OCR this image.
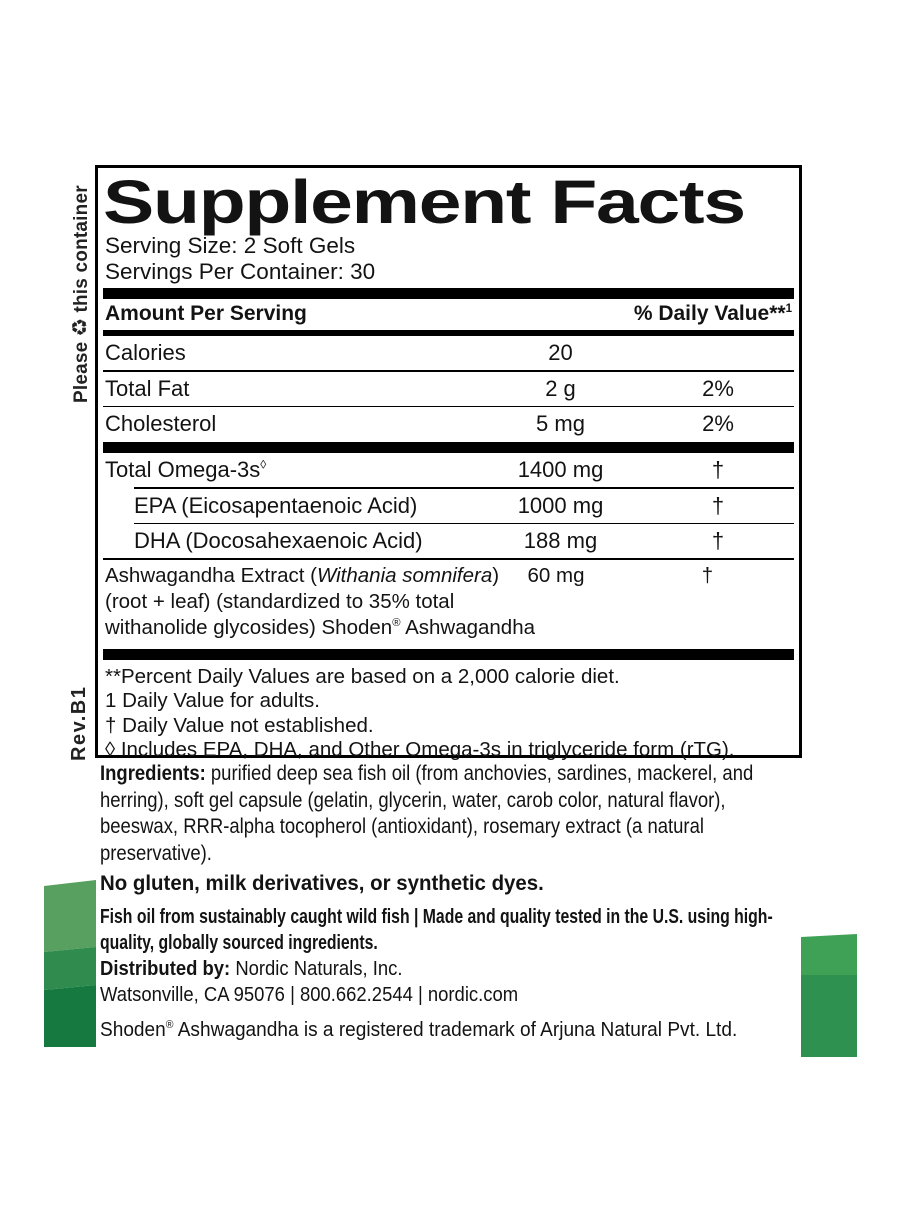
Please♻this container
Rev.B1
Supplement Facts
Serving Size: 2 Soft Gels
Servings Per Container: 30
Amount Per Serving	% Daily Value**$^1$
Calories	20
Total Fat	2 g	2%
Cholesterol	5 mg	2%
Total Omega-3s◊	1400 mg	†
EPA (Eicosapentaenoic Acid)	1000 mg	†
DHA (Docosahexaenoic Acid)	188 mg	†
Ashwagandha Extract (Withania somnifera)
(root + leaf) (standardized to 35% total
withanolide glycosides) Shoden® Ashwagandha
60 mg	†
**Percent Daily Values are based on a 2,000 calorie diet.
1 Daily Value for adults.
† Daily Value not established.
◊ Includes EPA, DHA, and Other Omega-3s in triglyceride form (rTG).
Ingredients: purified deep sea fish oil (from anchovies, sardines, mackerel, and herring), soft gel capsule (gelatin, glycerin, water, carob color, natural flavor), beeswax, RRR-alpha tocopherol (antioxidant), rosemary extract (a natural preservative).
No gluten, milk derivatives, or synthetic dyes.
Fish oil from sustainably caught wild fish | Made and quality tested in the U.S. using high-quality, globally sourced ingredients.
Distributed by: Nordic Naturals, Inc.
Watsonville, CA 95076 | 800.662.2544 | nordic.com
Shoden® Ashwagandha is a registered trademark of Arjuna Natural Pvt. Ltd.
